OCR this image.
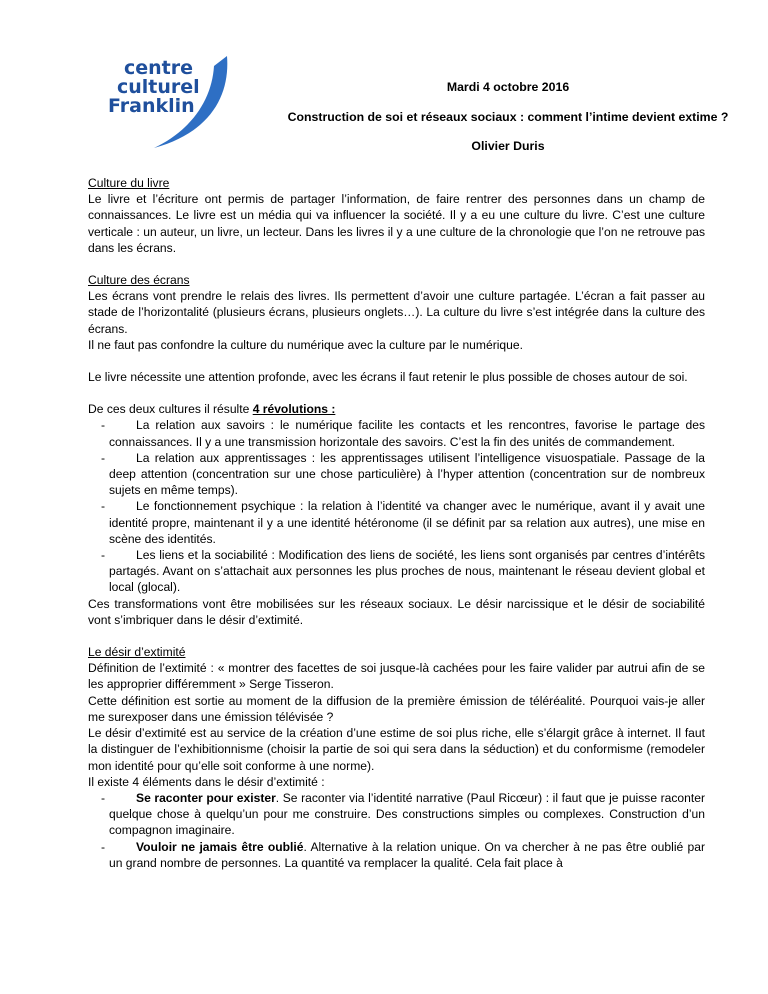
centre
culturel
Franklin
Mardi 4 octobre 2016
Construction de soi et réseaux sociaux : comment l’intime devient extime ?
Olivier Duris

Culture du livre
Le livre et l’écriture ont permis de partager l’information, de faire rentrer des personnes dans un champ de connaissances. Le livre est un média qui va influencer la société. Il y a eu une culture du livre. C’est une culture verticale : un auteur, un livre, un lecteur. Dans les livres il y a une culture de la chronologie que l’on ne retrouve pas dans les écrans.

Culture des écrans
Les écrans vont prendre le relais des livres. Ils permettent d’avoir une culture partagée. L’écran a fait passer au stade de l’horizontalité (plusieurs écrans, plusieurs onglets…). La culture du livre s’est intégrée dans la culture des écrans.
Il ne faut pas confondre la culture du numérique avec la culture par le numérique.

Le livre nécessite une attention profonde, avec les écrans il faut retenir le plus possible de choses autour de soi.

De ces deux cultures il résulte 4 révolutions :
-	La relation aux savoirs : le numérique facilite les contacts et les rencontres, favorise le partage des connaissances. Il y a une transmission horizontale des savoirs. C’est la fin des unités de commandement.
-	La relation aux apprentissages : les apprentissages utilisent l’intelligence visuospatiale. Passage de la deep attention (concentration sur une chose particulière) à l’hyper attention (concentration sur de nombreux sujets en même temps).
-	Le fonctionnement psychique : la relation à l’identité va changer avec le numérique, avant il y avait une identité propre, maintenant il y a une identité hétéronome (il se définit par sa relation aux autres), une mise en scène des identités.
-	Les liens et la sociabilité : Modification des liens de société, les liens sont organisés par centres d’intérêts partagés. Avant on s’attachait aux personnes les plus proches de nous, maintenant le réseau devient global et local (glocal).
Ces transformations vont être mobilisées sur les réseaux sociaux. Le désir narcissique et le désir de sociabilité vont s’imbriquer dans le désir d’extimité.
Le désir d’extimité
Définition de l’extimité : « montrer des facettes de soi jusque-là cachées pour les faire valider par autrui afin de se les approprier différemment » Serge Tisseron.
Cette définition est sortie au moment de la diffusion de la première émission de téléréalité. Pourquoi vais-je aller me surexposer dans une émission télévisée ?
Le désir d’extimité est au service de la création d’une estime de soi plus riche, elle s’élargit grâce à internet. Il faut la distinguer de l’exhibitionnisme (choisir la partie de soi qui sera dans la séduction) et du conformisme (remodeler mon identité pour qu’elle soit conforme à une norme).
Il existe 4 éléments dans le désir d’extimité :
-	Se raconter pour exister. Se raconter via l’identité narrative (Paul Ricœur) : il faut que je puisse raconter quelque chose à quelqu’un pour me construire. Des constructions simples ou complexes. Construction d’un compagnon imaginaire.
-	Vouloir ne jamais être oublié. Alternative à la relation unique. On va chercher à ne pas être oublié par un grand nombre de personnes. La quantité va remplacer la qualité. Cela fait place à
